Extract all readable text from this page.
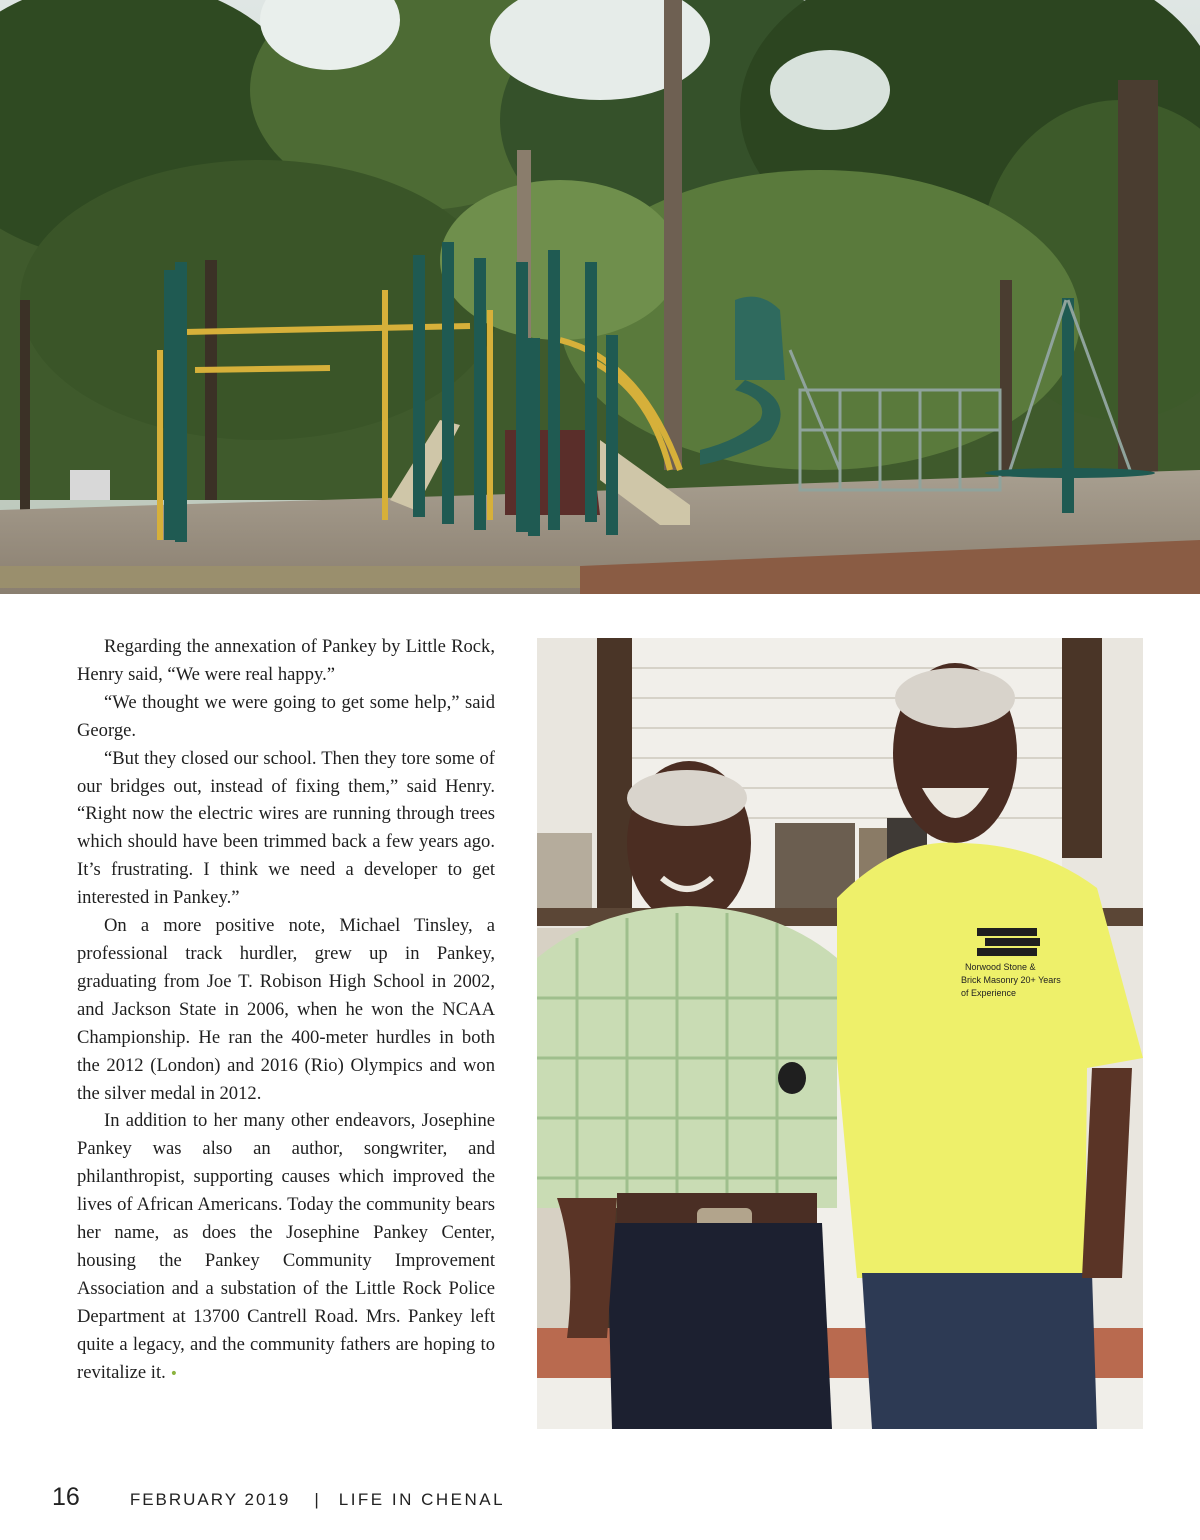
Regarding the annexation of Pankey by Little Rock, Henry said, “We were real happy.”

“We thought we were going to get some help,” said George.

“But they closed our school. Then they tore some of our bridges out, instead of fixing them,” said Henry. “Right now the electric wires are running through trees which should have been trimmed back a few years ago. It’s frustrating. I think we need a developer to get interested in Pankey.”

On a more positive note, Michael Tinsley, a professional track hurdler, grew up in Pankey, graduating from Joe T. Robison High School in 2002, and Jackson State in 2006, when he won the NCAA Championship. He ran the 400-meter hurdles in both the 2012 (London) and 2016 (Rio) Olympics and won the silver medal in 2012.

In addition to her many other endeavors, Josephine Pankey was also an author, songwriter, and philanthropist, supporting causes which improved the lives of African Americans. Today the community bears her name, as does the Josephine Pankey Center, housing the Pankey Community Improvement Association and a substation of the Little Rock Police Department at 13700 Cantrell Road. Mrs. Pankey left quite a legacy, and the community fathers are hoping to revitalize it. •

Norwood Stone &
Brick Masonry 20+ Years
of Experience
16	FEBRUARY 2019 | LIFE IN CHENAL
